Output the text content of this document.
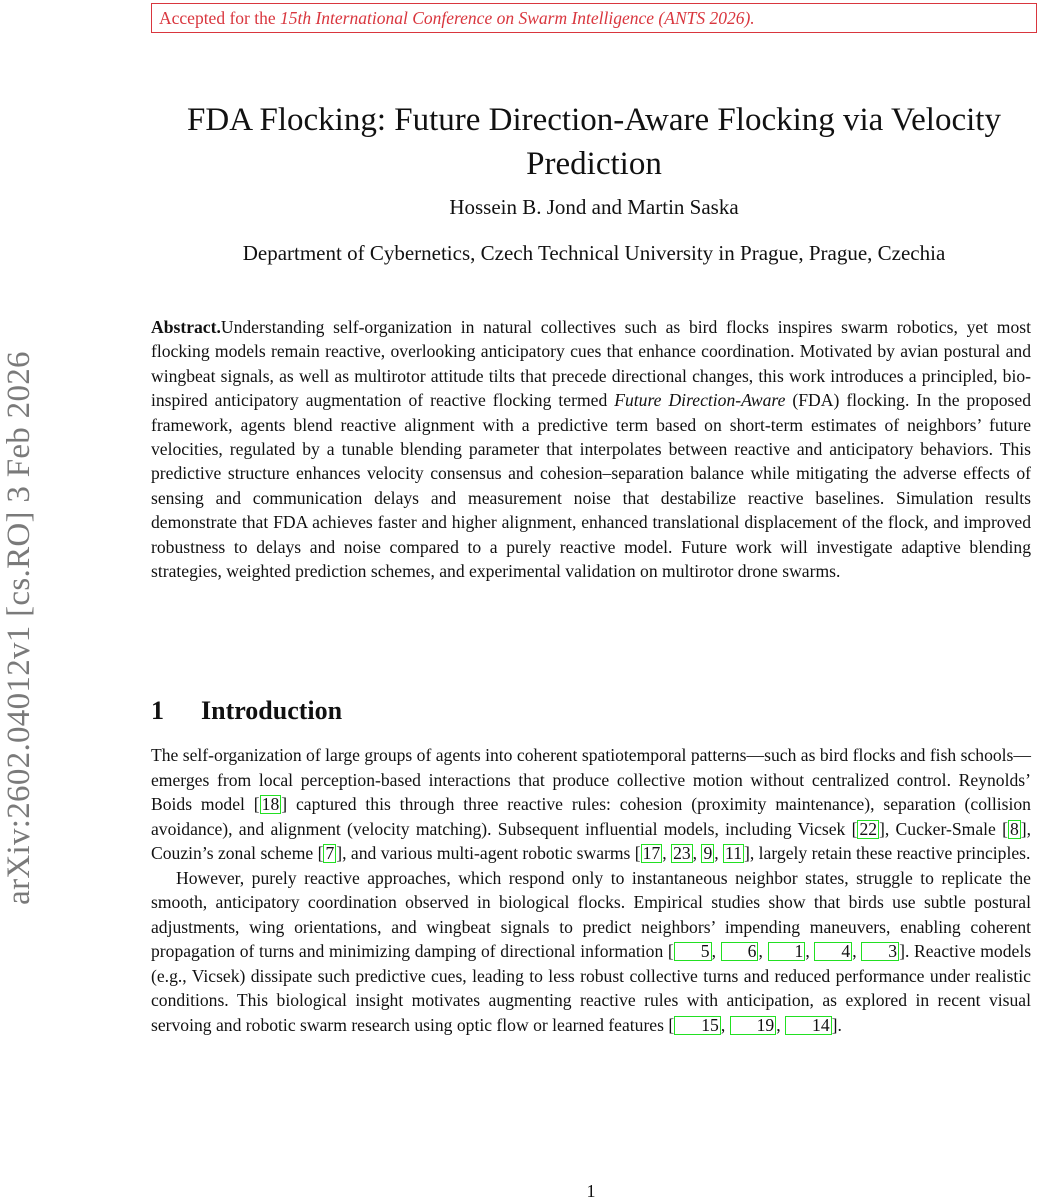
Accepted for the 15th International Conference on Swarm Intelligence (ANTS 2026).
arXiv:2602.04012v1 [cs.RO] 3 Feb 2026
FDA Flocking: Future Direction-Aware Flocking via Velocity Prediction
Hossein B. Jond and Martin Saska
Department of Cybernetics, Czech Technical University in Prague, Prague, Czechia
Abstract.Understanding self-organization in natural collectives such as bird flocks inspires swarm robotics, yet most flocking models remain reactive, overlooking anticipatory cues that enhance coordination. Motivated by avian postural and wingbeat signals, as well as multirotor attitude tilts that precede directional changes, this work introduces a principled, bio-inspired anticipatory augmentation of reactive flocking termed Future Direction-Aware (FDA) flocking. In the proposed framework, agents blend reactive alignment with a predictive term based on short-term estimates of neighbors’ future velocities, regulated by a tunable blending parameter that interpolates between reactive and anticipatory behaviors. This predictive structure enhances velocity consensus and cohesion–separation balance while mitigating the adverse effects of sensing and communication delays and measurement noise that destabilize reactive baselines. Simulation results demonstrate that FDA achieves faster and higher alignment, enhanced translational displacement of the flock, and improved robustness to delays and noise compared to a purely reactive model. Future work will investigate adaptive blending strategies, weighted prediction schemes, and experimental validation on multirotor drone swarms.
1 Introduction

The self-organization of large groups of agents into coherent spatiotemporal patterns—such as bird flocks and fish schools—emerges from local perception-based interactions that produce collective motion without centralized control. Reynolds’ Boids model [ 18 ] captured this through three reactive rules: cohesion (proximity maintenance), separation (collision avoidance), and alignment (velocity matching). Subsequent influential models, including Vicsek [ 22 ], Cucker-Smale [ 8 ], Couzin’s zonal scheme [ 7 ], and various multi-agent robotic swarms [ 17 , 23 , 9 , 11 ], largely retain these reactive principles.

However, purely reactive approaches, which respond only to instantaneous neighbor states, struggle to replicate the smooth, anticipatory coordination observed in biological flocks. Empirical studies show that birds use subtle postural adjustments, wing orientations, and wingbeat signals to predict neighbors’ impending maneuvers, enabling coherent propagation of turns and minimizing damping of directional information [ 5 , 6 , 1 , 4 , 3 ]. Reactive models (e.g., Vicsek) dissipate such predictive cues, leading to less robust collective turns and reduced performance under realistic conditions. This biological insight motivates augmenting reactive rules with anticipation, as explored in recent visual servoing and robotic swarm research using optic flow or learned features [ 15 , 19 , 14 ].

1
